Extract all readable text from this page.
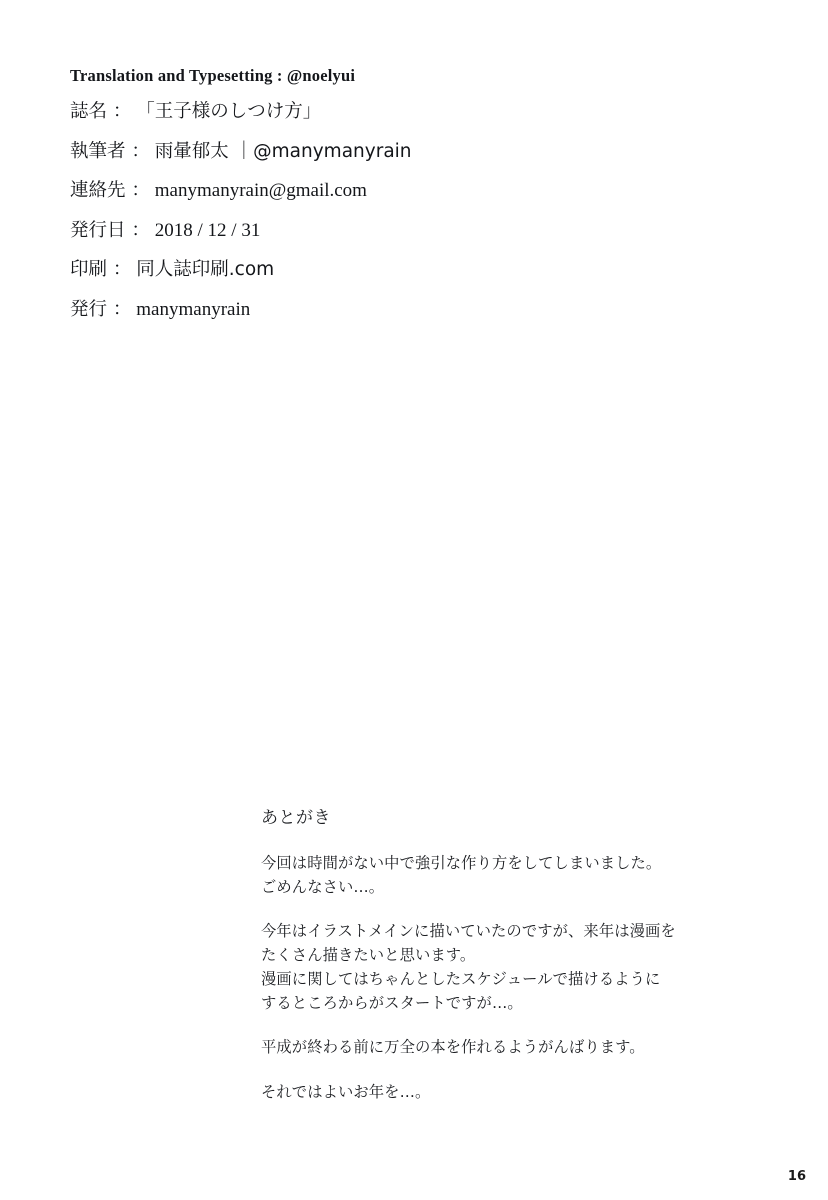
Translation and Typesetting : @noelyui
誌名 ： 「王子様のしつけ方」
執筆者 ： 雨暈郁太 ｜@manymanyrain
連絡先 ： manymanyrain@gmail.com
発行日 ： 2018 / 12 / 31
印刷 ： 同人誌印刷.com
発行 ： manymanyrain
あとがき
今回は時間がない中で強引な作り方をしてしまいました。
ごめんなさい…。
今年はイラストメインに描いていたのですが、来年は漫画を
たくさん描きたいと思います。
漫画に関してはちゃんとしたスケジュールで描けるように
するところからがスタートですが…。
平成が終わる前に万全の本を作れるようがんばります。
それではよいお年を…。
16
